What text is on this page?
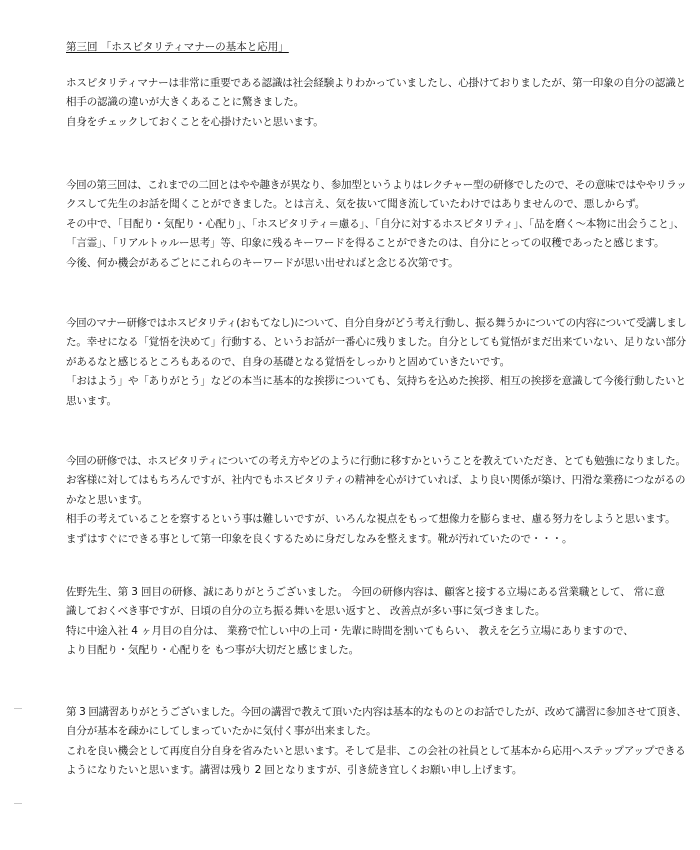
第三回 「ホスピタリティマナーの基本と応用」
ホスピタリティマナーは非常に重要である認識は社会経験よりわかっていましたし、心掛けておりましたが、第一印象の自分の認識と
相手の認識の違いが大きくあることに驚きました。
自身をチェックしておくことを心掛けたいと思います。
今回の第三回は、これまでの二回とはやや趣きが異なり、参加型というよりはレクチャー型の研修でしたので、その意味ではややリラッ
クスして先生のお話を聞くことができました。とは言え、気を抜いて聞き流していたわけではありませんので、悪しからず。
その中で、「目配り・気配り・心配り」、「ホスピタリティ＝慮る」、「自分に対するホスピタリティ」、「品を磨く〜本物に出会うこと」、
「言霊」、「リアルトゥルー思考」等、印象に残るキーワードを得ることができたのは、自分にとっての収穫であったと感じます。
今後、何か機会があるごとにこれらのキーワードが思い出せればと念じる次第です。
今回のマナー研修ではホスピタリティ(おもてなし)について、自分自身がどう考え行動し、振る舞うかについての内容について受講しまし
た。幸せになる「覚悟を決めて」行動する、というお話が一番心に残りました。自分としても覚悟がまだ出来ていない、足りない部分
があるなと感じるところもあるので、自身の基礎となる覚悟をしっかりと固めていきたいです。
「おはよう」や「ありがとう」などの本当に基本的な挨拶についても、気持ちを込めた挨拶、相互の挨拶を意識して今後行動したいと
思います。
今回の研修では、ホスピタリティについての考え方やどのように行動に移すかということを教えていただき、とても勉強になりました。
お客様に対してはもちろんですが、社内でもホスピタリティの精神を心がけていれば、より良い関係が築け、円滑な業務につながるの
かなと思います。
相手の考えていることを察するという事は難しいですが、いろんな視点をもって想像力を膨らませ、慮る努力をしようと思います。
まずはすぐにできる事として第一印象を良くするために身だしなみを整えます。靴が汚れていたので・・・。
佐野先生、第 3 回目の研修、誠にありがとうございました。 今回の研修内容は、顧客と接する立場にある営業職として、 常に意
識しておくべき事ですが、日頃の自分の立ち振る舞いを思い返すと、 改善点が多い事に気づきました。
特に中途入社 4 ヶ月目の自分は、 業務で忙しい中の上司・先輩に時間を割いてもらい、 教えを乞う立場にありますので、
より目配り・気配り・心配りを もつ事が大切だと感じました。
第 3 回講習ありがとうございました。今回の講習で教えて頂いた内容は基本的なものとのお話でしたが、改めて講習に参加させて頂き、
自分が基本を疎かにしてしまっていたかに気付く事が出来ました。
これを良い機会として再度自分自身を省みたいと思います。そして是非、この会社の社員として基本から応用へステップアップできる
ようになりたいと思います。講習は残り 2 回となりますが、引き続き宜しくお願い申し上げます。
